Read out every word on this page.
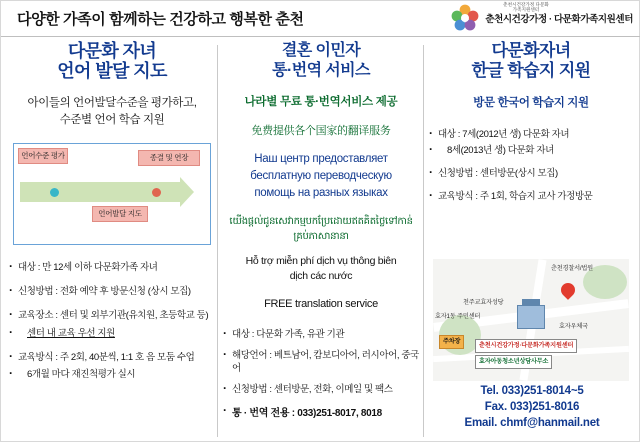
다양한 가족이 함께하는 건강하고 행복한 춘천
춘천시건강가정 다문화가족지원센터
춘천시건강가정 · 다문화가족지원센터
다문화 자녀
언어 발달 지도
아이들의 언어발달수준을 평가하고,
수준별 언어 학습 지원
언어수준 평가	종결 및 연장
언어발달 지도
· 대상 : 만 12세 이하 다문화가족 자녀
· 신청방법 : 전화 예약 후 방문신청 (상시 모집)
· 교육장소 : 센터 및 외부기관(유치원, 초등학교 등)
· 센터 내 교육 우선 지원
· 교육방식 : 주 2회, 40분씩, 1:1 호 음 모둠 수업
· 6개월 마다 재진척평가 실시
결혼 이민자
통·번역 서비스
나라별 무료 통·번역서비스 제공
免费提供各个国家的翻译服务
Наш центр предоставляет
бесплатную переводческую
помощь на разных языках
យើងផ្តល់ជូនសេវាកម្មបកប្រែដោយឥតគិតថ្លៃទៅកាន់គ្រប់ភាសានានា
Hỗ trợ miễn phí dịch vụ thông biên
dịch các nước
FREE translation service
· 대상 : 다문화 가족, 유관 기관
· 해당언어 : 베트남어, 캄보디아어, 러시아어, 중국어
· 신청방법 : 센터방문, 전화, 이메일 및 팩스
· 통 · 번역 전용 : 033)251-8017, 8018
다문화자녀
한글 학습지 지원
방문 한국어 학습지 지원
· 대상 : 7세(2012년 생) 다문화 자녀
· 8세(2013년 생) 다문화 자녀
· 신청방법 : 센터방문(상시 모집)
· 교육방식 : 주 1회, 학습지 교사 가정방문
춘천경찰서/법원
천주교효자성당
효자우체국
효자1동 주민센터
주차장
춘천시건강가정·다문화가족지원센터
효자아동청소년상담사무소
Tel. 033)251-8014~5
Fax. 033)251-8016
Email. chmf@hanmail.net
